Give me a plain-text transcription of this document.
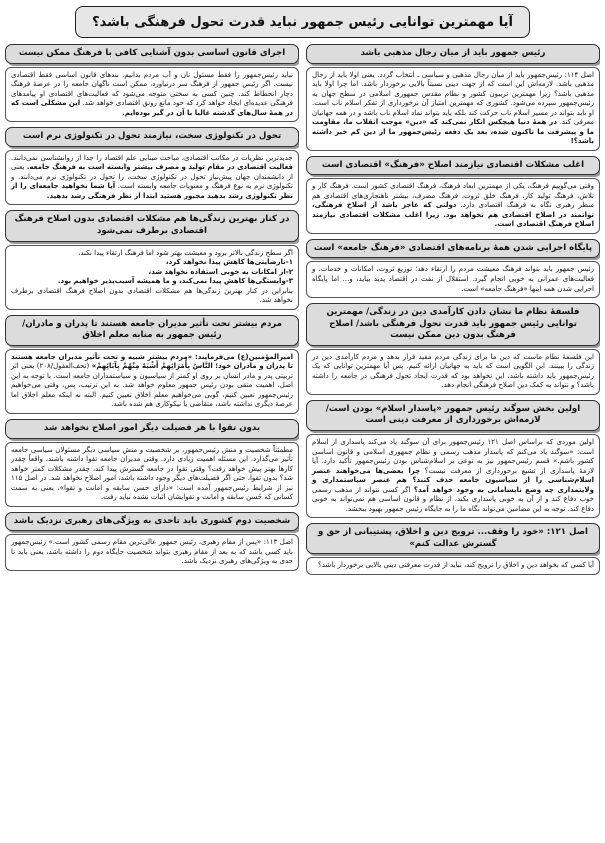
آیا مهمترین توانایی رئیس جمهور نباید قدرت تحول فرهنگی باشد؟
رئیس جمهور باید از میان رجال مذهبی باشد
اصل ۱۱۴: رئیس‌جمهور باید از میان رجال مذهبی و سیاسی ـ انتخاب گردد. یعنی اولا باید از رجال مذهبی باشد. لازمه‌اش این است که از جهت دینی نسبتاً بالایی برخوردار باشد. اما چرا اولا باید مذهبی باشد؟ زیرا مهمترین تریبون کشور و نظام مقدس جمهوری اسلامی در سطح جهان به رئیس‌جمهور سپرده می‌شود. کشوری که مهمترین امتیاز آن برخورداری از تفکر اسلام ناب است. او باید بتواند در مسیر اسلام ناب حرکت کند بلکه باید بتواند نماد اسلام ناب باشد و در همه جهانیان معرفی کند. در همهٔ دنیا هیچکس انکار نمی‌کند که «دین» موجب انقلاب ما، مقاومت ما و پیشرفت ما تاکنون شده، بعد یک دفعه رئیس‌جمهور ما از دین کم خبر داشته باشد؟!
اغلب مشکلات اقتصادی نیازمند اصلاح «فرهنگ» اقتصادی است
وقتی می‌گوییم فرهنگ، یکی از مهمترین ابعاد فرهنگ، فرهنگ اقتصادی کشور است. فرهنگ کار و تلاش، فرهنگ تولید کار، فرهنگ خلق ثروت، فرهنگ مصرف، بیشتر ناهنجاری‌های اقتصادی هم منظر رهبری نگاه به فرهنگ اقتصادی دارد. دولتی که عاجز باشد از اصلاح فرهنگی، توانمند در اصلاح اقتصادی هم نخواهد بود. زیرا اغلب مشکلات اقتصادی نیازمند اصلاح فرهنگ اقتصادی است.
پایگاه اجرایی شدن همهٔ برنامه‌های اقتصادی «فرهنگ جامعه» است
رئیس جمهور باید بتواند فرهنگ معیشت مردم را ارتقاء دهد؛ توزیع ثروت، امکانات و خدمات، و فعالیت‌های عمرانی به خوبی انجام گیرد. استقلال از نفت در اقتصاد پدید بیاید، و... اما پایگاه اجرایی شدن همه اینها «فرهنگ جامعه» است.
فلسفهٔ نظام ما نشان دادن کارآمدی دین در زندگی/ مهمترین توانایی رئیس جمهور باید قدرت تحول فرهنگی باشد/ اصلاح فرهنگ بدون دین ممکن نیست
این فلسفهٔ نظام ماست که دین ما برای زندگی مردم مفید قرار بدهد و مردم کارآمدی دین در زندگی را ببینند. این الگویی است که باید به جهانیان ارائه کنیم. پس آیا مهمترین توانایی که یک رئیس‌جمهور باید داشته باشد، این نخواهد بود که قدرت ایجاد تحول فرهنگی در جامعه را داشته باشد؟ و نتواند به کمک دین اصلاح فرهنگی انجام دهد.
اولین بخش سوگند رئیس جمهور «پاسدار اسلام» بودن است/ لازمه‌اش برخورداری از معرفت دینی است
اولین موردی که براساس اصل ۱۲۱ رئیس‌جمهور برای آن سوگند یاد می‌کند پاسداری از اسلام است: «سوگند یاد می‌کنم که پاسدار مذهب رسمی و نظام جمهوری اسلامی و قانون اساسی کشور باشم.» قسم رئیس‌جمهور نیز به نوعی بر اسلام‌شناس بودن رئیس‌جمهور تأکید دارد. آیا لازمهٔ پاسداری از تشیع برخورداری از معرفت نیست؟ چرا بعضی‌ها می‌خواهند عنصر اسلام‌شناسی را از سیاسیون جامعه حذف کنند؟ هم عنصر سیاستمداری و ولایتمداری چه وضع نابسامانی به وجود خواهد آمد؟ اگر کسی نتواند از مذهب رسمی خوب دفاع کند و از آن به خوبی پاسداری بکند، از نظام و قانون اساسی هم نمی‌تواند به خوبی دفاع کند. توجه به این مضامین می‌تواند نگاه ما را به جایگاه رئیس جمهور بهبود ببخشد.
اصل ۱۲۱: «خود را وقف... ترویج دین و اخلاق، پشتیبانی از حق و گسترش عدالت کنم»
آیا کسی که بخواهد دین و اخلاق را ترویج کند، نباید از قدرت معرفتی دینی بالایی برخوردار باشد؟
اجرای قانون اساسی بدون آشنایی کافی با فرهنگ ممکن نیست
نباید رئیس‌جمهور را فقط مسئول نان و آب مردم بدانیم. بندهای قانون اساسی فقط اقتصادی نیست. اگر رئیس جمهور از فرهنگ سر درنیاورد، ممکن است ناگهان جامعه را در عرصهٔ فرهنگ دچار انحطاط کند. چنین کسی به سختی متوجه می‌شود که فعالیت‌های اقتصادی او پیامدهای فرهنگی عدیده‌ای ایجاد خواهد کرد که خود مانع رونق اقتصادی خواهد شد. این مشکلی است که در همهٔ سال‌های گذشته غالبا با آن در گیر بوده‌ایم.
تحول در تکنولوژی سخت، نیازمند تحول در تکنولوژی نرم است
جدیدترین نظریات در مکاتب اقتصادی، مباحث مبنایی علم اقتصاد را جدا از روانشناسی نمی‌دانند. فعالیت اقتصادی در مقام تولید و مصرف بیشتر وابسته است به فرهنگ جامعه. یعنی از دانشمندان جهان پیش‌نیاز تحول در تکنولوژی سخت، را تحول در تکنولوژی نرم می‌دانند. و تکنولوژی نرم به نوع فرهنگ و معنویات جامعه وابسته است. آیا شما نخواهید جامعه‌ای را از نظر تکنولوژی رشد بدهید مجبور هستید ابتدا از نظر فرهنگی رشد بدهید.
در کنار بهترین زندگی‌ها هم مشکلات اقتصادی بدون اصلاح فرهنگ اقتصادی برطرف نمی‌شود
اگر سطح زندگی بالاتر برود و معیشت بهتر شود اما فرهنگ ارتقاء پیدا نکند،
۱-نارضایتی‌ها کاهش پیدا نخواهد کرد،
۲-از امکانات به خوبی استفاده نخواهد شد،
۳-وابستگی‌ها کاهش پیدا نمی‌کند، و ما همیشه آسیب‌پذیر خواهیم بود.
بنابراین در کنار بهترین زندگی‌ها هم مشکلات اقتصادی بدون اصلاح فرهنگ اقتصادی برطرف نخواهد شد.
مردم بیشتر تحت تأثیر مدیران جامعه هستند تا پدران و مادران/ رئیس جمهور به منابه معلم اخلاق
امیرالمؤمنین(ع) می‌فرمایند: «مردم بیشتر شبیه و تحت تأثیر مدیران جامعه هستند تا پدران و مادران خود؛ النَّاسُ بِأُمَرَائِهِمْ أَشْبَهُ مِنْهُمْ بِآبَائِهِمْ» (تحف‌العقول/۲۰۸) یعنی اثر تربیتی پدر و مادر انسان بر روی او کمتر از سیاسیون و سیاستمداران جامعه است. با توجه به این اصل، اهمیت متقی بودن رئیس جمهور معلوم خواهد شد. به این ترتیب، پس، وقتی می‌خواهیم رئیس‌جمهور تعیین کنیم، گویی می‌خواهیم معلم اخلاق تعیین کنیم. البته نه اینکه معلم اخلاق اما عرصهٔ دیگری نداشته باشد، متقاضی یا نیکوکاری هم شده باشد.
بدون تقوا با هر فضیلت دیگر امور اصلاح نخواهد شد
مطمئناً شخصیت و منش رئیس‌جمهور، بر شخصیت و منش سیاسی دیگر مسئولان سیاسی جامعه تأثیر می‌گذارد. این مسئله اهمیت زیادی دارد. وقتی مدیران جامعه تقوا داشته باشند، واقعاً چقدر کارها بهتر پیش خواهد رفت؟ وقتی تقوا در جامعه گسترش پیدا کند، چقدر مشکلات کمتر خواهد شد؟ بدون تقوا، حتی اگر فضیلت‌های دیگر وجود داشته باشد، امور اصلاح نخواهد شد. در اصل ۱۱۵ نیز از شرایط رئیس‌جمهور آمده است: «دارای حسن سابقه و امانت و تقوا»، یعنی به سمت کسانی که حُسن سابقه و امانت و تقوایشان اثبات نشده نباید رفت.
شخصیت دوم کشوری باید تاحدی به ویژگی‌های رهبری نزدیک باشد
اصل ۱۱۳: «پس از مقام رهبری، رئیس جمهور عالی‌ترین مقام رسمی کشور است.» رئیس‌جمهور باید کسی باشد که به بعد از مقام رهبری بتواند شخصیت جایگاه دوم را داشته باشد، یعنی باید تا حدی به ویژگی‌های رهبری نزدیک باشد.
